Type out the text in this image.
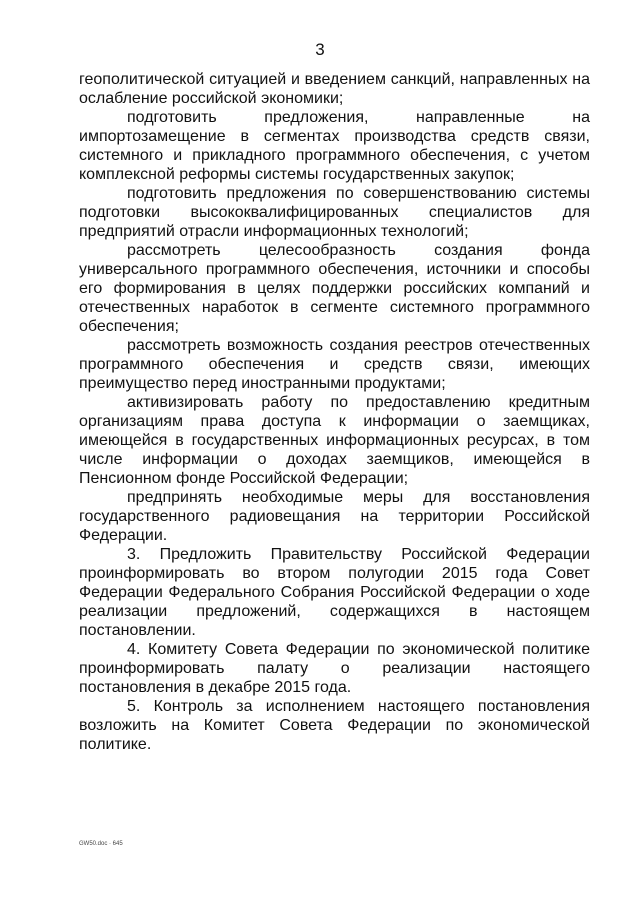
3

геополитической ситуацией и введением санкций, направленных на ослабление российской экономики;

подготовить предложения, направленные на импортозамещение в сегментах производства средств связи, системного и прикладного программного обеспечения, с учетом комплексной реформы системы государственных закупок;

подготовить предложения по совершенствованию системы подготовки высококвалифицированных специалистов для предприятий отрасли информационных технологий;

рассмотреть целесообразность создания фонда универсального программного обеспечения, источники и способы его формирования в целях поддержки российских компаний и отечественных наработок в сегменте системного программного обеспечения;

рассмотреть возможность создания реестров отечественных программного обеспечения и средств связи, имеющих преимущество перед иностранными продуктами;

активизировать работу по предоставлению кредитным организациям права доступа к информации о заемщиках, имеющейся в государственных информационных ресурсах, в том числе информации о доходах заемщиков, имеющейся в Пенсионном фонде Российской Федерации;

предпринять необходимые меры для восстановления государственного радиовещания на территории Российской Федерации.

3. Предложить Правительству Российской Федерации проинформировать во втором полугодии 2015 года Совет Федерации Федерального Собрания Российской Федерации о ходе реализации предложений, содержащихся в настоящем постановлении.

4. Комитету Совета Федерации по экономической политике проинформировать палату о реализации настоящего постановления в декабре 2015 года.

5. Контроль за исполнением настоящего постановления возложить на Комитет Совета Федерации по экономической политике.

GW50.doc · 645
